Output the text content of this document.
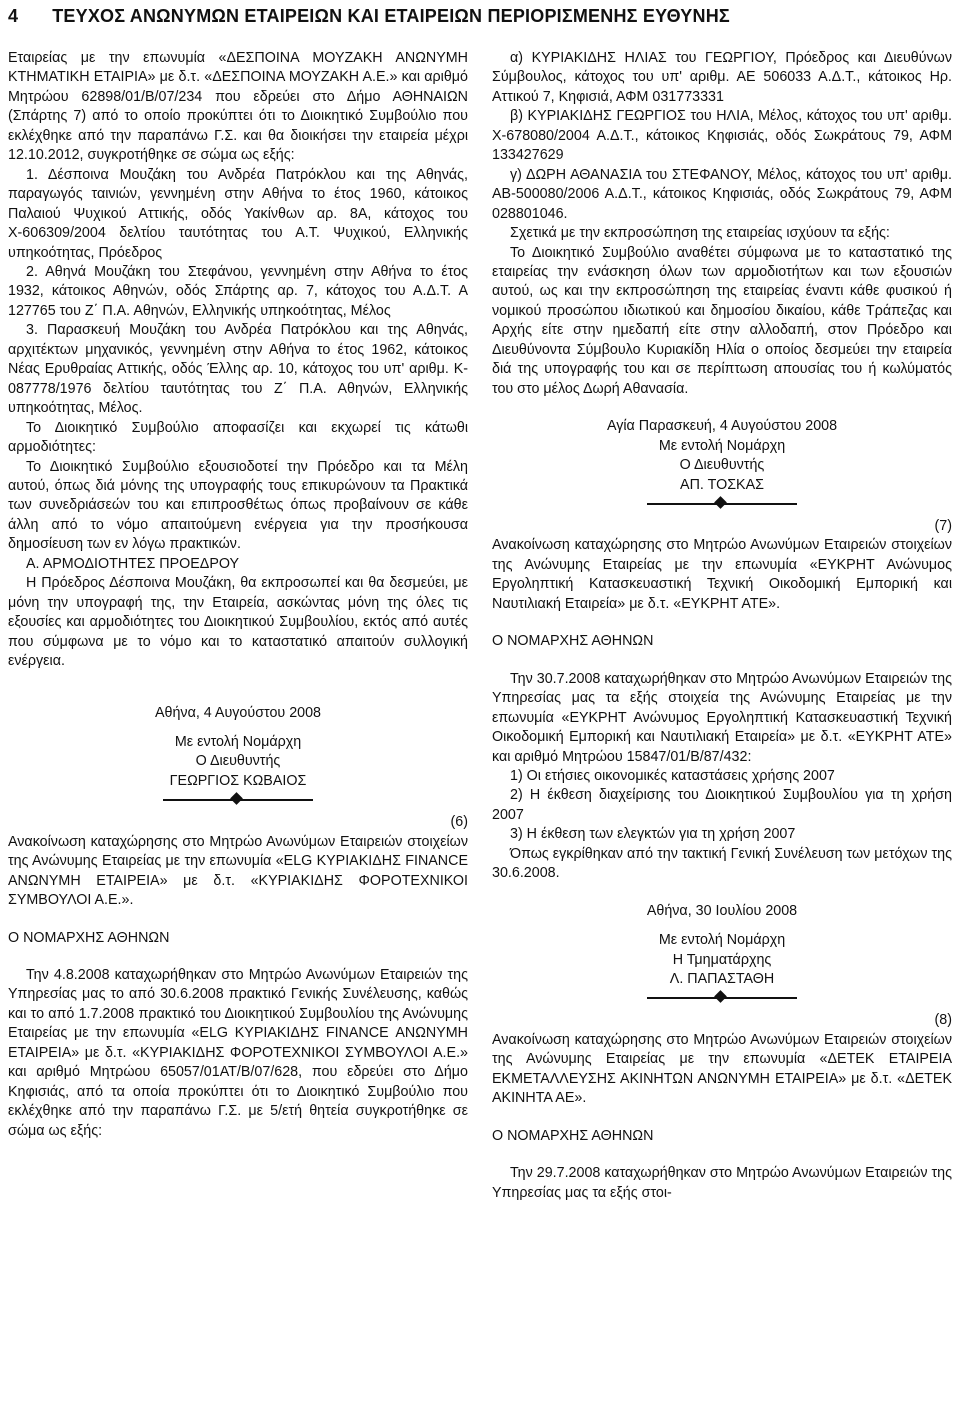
4 ΤΕΥΧΟΣ ΑΝΩΝΥΜΩΝ ΕΤΑΙΡΕΙΩΝ ΚΑΙ ΕΤΑΙΡΕΙΩΝ ΠΕΡΙΟΡΙΣΜΕΝΗΣ ΕΥΘΥΝΗΣ

Εταιρείας με την επωνυμία «ΔΕΣΠΟΙΝΑ ΜΟΥΖΑΚΗ ΑΝΩΝΥΜΗ ΚΤΗΜΑΤΙΚΗ ΕΤΑΙΡΙΑ» με δ.τ. «ΔΕΣΠΟΙΝΑ ΜΟΥΖΑΚΗ Α.Ε.» και αριθμό Μητρώου 62898/01/Β/07/234 που εδρεύει στο Δήμο ΑΘΗΝΑΙΩΝ (Σπάρτης 7) από το οποίο προκύπτει ότι το Διοικητικό Συμβούλιο που εκλέχθηκε από την παραπάνω Γ.Σ. και θα διοικήσει την εταιρεία μέχρι 12.10.2012, συγκροτήθηκε σε σώμα ως εξής:

1. Δέσποινα Μουζάκη του Ανδρέα Πατρόκλου και της Αθηνάς, παραγωγός ταινιών, γεννημένη στην Αθήνα το έτος 1960, κάτοικος Παλαιού Ψυχικού Αττικής, οδός Υακίνθων αρ. 8Α, κάτοχος του Χ-606309/2004 δελτίου ταυτότητας του Α.Τ. Ψυχικού, Ελληνικής υπηκοότητας, Πρόεδρος

2. Αθηνά Μουζάκη του Στεφάνου, γεννημένη στην Αθήνα το έτος 1932, κάτοικος Αθηνών, οδός Σπάρτης αρ. 7, κάτοχος του Α.Δ.Τ. Α 127765 του Ζ΄ Π.Α. Αθηνών, Ελληνικής υπηκοότητας, Μέλος

3. Παρασκευή Μουζάκη του Ανδρέα Πατρόκλου και της Αθηνάς, αρχιτέκτων μηχανικός, γεννημένη στην Αθήνα το έτος 1962, κάτοικος Νέας Ερυθραίας Αττικής, οδός Έλλης αρ. 10, κάτοχος του υπ' αριθμ. Κ- 087778/1976 δελτίου ταυτότητας του Ζ΄ Π.Α. Αθηνών, Ελληνικής υπηκοότητας, Μέλος.

Το Διοικητικό Συμβούλιο αποφασίζει και εκχωρεί τις κάτωθι αρμοδιότητες:

Το Διοικητικό Συμβούλιο εξουσιοδοτεί την Πρόεδρο και τα Μέλη αυτού, όπως διά μόνης της υπογραφής τους επικυρώνουν τα Πρακτικά των συνεδριάσεών του και επιπροσθέτως όπως προβαίνουν σε κάθε άλλη από το νόμο απαιτούμενη ενέργεια για την προσήκουσα δημοσίευση των εν λόγω πρακτικών.

Α. ΑΡΜΟΔΙΟΤΗΤΕΣ ΠΡΟΕΔΡΟΥ

Η Πρόεδρος Δέσποινα Μουζάκη, θα εκπροσωπεί και θα δεσμεύει, με μόνη την υπογραφή της, την Εταιρεία, ασκώντας μόνη της όλες τις εξουσίες και αρμοδιότητες του Διοικητικού Συμβουλίου, εκτός από αυτές που σύμφωνα με το νόμο και το καταστατικό απαιτούν συλλογική ενέργεια.

Αθήνα, 4 Αυγούστου 2008
Με εντολή Νομάρχη
Ο Διευθυντής
ΓΕΩΡΓΙΟΣ ΚΩΒΑΙΟΣ
(6)

Ανακοίνωση καταχώρησης στο Μητρώο Ανωνύμων Εταιρειών στοιχείων της Ανώνυμης Εταιρείας με την επωνυμία «ELG ΚΥΡΙΑΚΙΔΗΣ FINANCE ΑΝΩΝΥΜΗ ΕΤΑΙΡΕΙΑ» με δ.τ. «ΚΥΡΙΑΚΙΔΗΣ ΦΟΡΟΤΕΧΝΙΚΟΙ ΣΥΜΒΟΥΛΟΙ Α.Ε.».

Ο ΝΟΜΑΡΧΗΣ ΑΘΗΝΩΝ

Την 4.8.2008 καταχωρήθηκαν στο Μητρώο Ανωνύμων Εταιρειών της Υπηρεσίας μας το από 30.6.2008 πρακτικό Γενικής Συνέλευσης, καθώς και το από 1.7.2008 πρακτικό του Διοικητικού Συμβουλίου της Ανώνυμης Εταιρείας με την επωνυμία «ELG ΚΥΡΙΑΚΙΔΗΣ FINANCE ΑΝΩΝΥΜΗ ΕΤΑΙΡΕΙΑ» με δ.τ. «ΚΥΡΙΑΚΙΔΗΣ ΦΟΡΟΤΕΧΝΙΚΟΙ ΣΥΜΒΟΥΛΟΙ Α.Ε.» και αριθμό Μητρώου 65057/01ΑΤ/Β/07/628, που εδρεύει στο Δήμο Κηφισιάς, από τα οποία προκύπτει ότι το Διοικητικό Συμβούλιο που εκλέχθηκε από την παραπάνω Γ.Σ. με 5/ετή θητεία συγκροτήθηκε σε σώμα ως εξής:

α) ΚΥΡΙΑΚΙΔΗΣ ΗΛΙΑΣ του ΓΕΩΡΓΙΟΥ, Πρόεδρος και Διευθύνων Σύμβουλος, κάτοχος του υπ' αριθμ. ΑΕ 506033 Α.Δ.Τ., κάτοικος Ηρ. Αττικού 7, Κηφισιά, ΑΦΜ 031773331

β) ΚΥΡΙΑΚΙΔΗΣ ΓΕΩΡΓΙΟΣ του ΗΛΙΑ, Μέλος, κάτοχος του υπ' αριθμ. Χ-678080/2004 Α.Δ.Τ., κάτοικος Κηφισιάς, οδός Σωκράτους 79, ΑΦΜ 133427629

γ) ΔΩΡΗ ΑΘΑΝΑΣΙΑ του ΣΤΕΦΑΝΟΥ, Μέλος, κάτοχος του υπ' αριθμ. ΑΒ-500080/2006 Α.Δ.Τ., κάτοικος Κηφισιάς, οδός Σωκράτους 79, ΑΦΜ 028801046.

Σχετικά με την εκπροσώπηση της εταιρείας ισχύουν τα εξής:

Το Διοικητικό Συμβούλιο αναθέτει σύμφωνα με το καταστατικό της εταιρείας την ενάσκηση όλων των αρμοδιοτήτων και των εξουσιών αυτού, ως και την εκπροσώπηση της εταιρείας έναντι κάθε φυσικού ή νομικού προσώπου ιδιωτικού και δημοσίου δικαίου, κάθε Τράπεζας και Αρχής είτε στην ημεδαπή είτε στην αλλοδαπή, στον Πρόεδρο και Διευθύνοντα Σύμβουλο Κυριακίδη Ηλία ο οποίος δεσμεύει την εταιρεία διά της υπογραφής του και σε περίπτωση απουσίας του ή κωλύματός του στο μέλος Δωρή Αθανασία.

Αγία Παρασκευή, 4 Αυγούστου 2008
Με εντολή Νομάρχη
Ο Διευθυντής
ΑΠ. ΤΟΣΚΑΣ
(7)

Ανακοίνωση καταχώρησης στο Μητρώο Ανωνύμων Εταιρειών στοιχείων της Ανώνυμης Εταιρείας με την επωνυμία «ΕΥΚΡΗΤ Ανώνυμος Εργοληπτική Κατασκευαστική Τεχνική Οικοδομική Εμπορική και Ναυτιλιακή Εταιρεία» με δ.τ. «ΕΥΚΡΗΤ ΑΤΕ».

Ο ΝΟΜΑΡΧΗΣ ΑΘΗΝΩΝ

Την 30.7.2008 καταχωρήθηκαν στο Μητρώο Ανωνύμων Εταιρειών της Υπηρεσίας μας τα εξής στοιχεία της Ανώνυμης Εταιρείας με την επωνυμία «ΕΥΚΡΗΤ Ανώνυμος Εργοληπτική Κατασκευαστική Τεχνική Οικοδομική Εμπορική και Ναυτιλιακή Εταιρεία» με δ.τ. «ΕΥΚΡΗΤ ΑΤΕ» και αριθμό Μητρώου 15847/01/Β/87/432:

1) Οι ετήσιες οικονομικές καταστάσεις χρήσης 2007

2) Η έκθεση διαχείρισης του Διοικητικού Συμβουλίου για τη χρήση 2007

3) Η έκθεση των ελεγκτών για τη χρήση 2007

Όπως εγκρίθηκαν από την τακτική Γενική Συνέλευση των μετόχων της 30.6.2008.

Αθήνα, 30 Ιουλίου 2008
Με εντολή Νομάρχη
Η Τμηματάρχης
Λ. ΠΑΠΑΣΤΑΘΗ
(8)

Ανακοίνωση καταχώρησης στο Μητρώο Ανωνύμων Εταιρειών στοιχείων της Ανώνυμης Εταιρείας με την επωνυμία «ΔΕΤΕΚ ΕΤΑΙΡΕΙΑ ΕΚΜΕΤΑΛΛΕΥΣΗΣ ΑΚΙΝΗΤΩΝ ΑΝΩΝΥΜΗ ΕΤΑΙΡΕΙΑ» με δ.τ. «ΔΕΤΕΚ ΑΚΙΝΗΤΑ ΑΕ».

Ο ΝΟΜΑΡΧΗΣ ΑΘΗΝΩΝ

Την 29.7.2008 καταχωρήθηκαν στο Μητρώο Ανωνύμων Εταιρειών της Υπηρεσίας μας τα εξής στοι-
